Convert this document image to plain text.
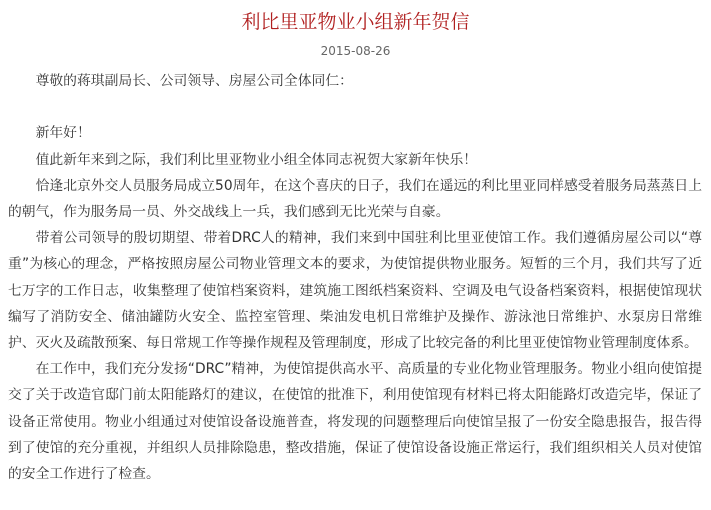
利比里亚物业小组新年贺信
2015-08-26

尊敬的蒋琪副局长、公司领导、房屋公司全体同仁：

新年好！

值此新年来到之际，我们利比里亚物业小组全体同志祝贺大家新年快乐！

恰逢北京外交人员服务局成立50周年，在这个喜庆的日子，我们在遥远的利比里亚同样感受着服务局蒸蒸日上的朝气，作为服务局一员、外交战线上一兵，我们感到无比光荣与自豪。

带着公司领导的殷切期望、带着DRC人的精神，我们来到中国驻利比里亚使馆工作。我们遵循房屋公司以“尊重”为核心的理念，严格按照房屋公司物业管理文本的要求，为使馆提供物业服务。短暂的三个月，我们共写了近七万字的工作日志，收集整理了使馆档案资料，建筑施工图纸档案资料、空调及电气设备档案资料，根据使馆现状编写了消防安全、储油罐防火安全、监控室管理、柴油发电机日常维护及操作、游泳池日常维护、水泵房日常维护、灭火及疏散预案、每日常规工作等操作规程及管理制度，形成了比较完备的利比里亚使馆物业管理制度体系。

在工作中，我们充分发扬“DRC”精神，为使馆提供高水平、高质量的专业化物业管理服务。物业小组向使馆提交了关于改造官邸门前太阳能路灯的建议，在使馆的批准下，利用使馆现有材料已将太阳能路灯改造完毕，保证了设备正常使用。物业小组通过对使馆设备设施普查，将发现的问题整理后向使馆呈报了一份安全隐患报告，报告得到了使馆的充分重视，并组织人员排除隐患，整改措施，保证了使馆设备设施正常运行，我们组织相关人员对使馆的安全工作进行了检查。
